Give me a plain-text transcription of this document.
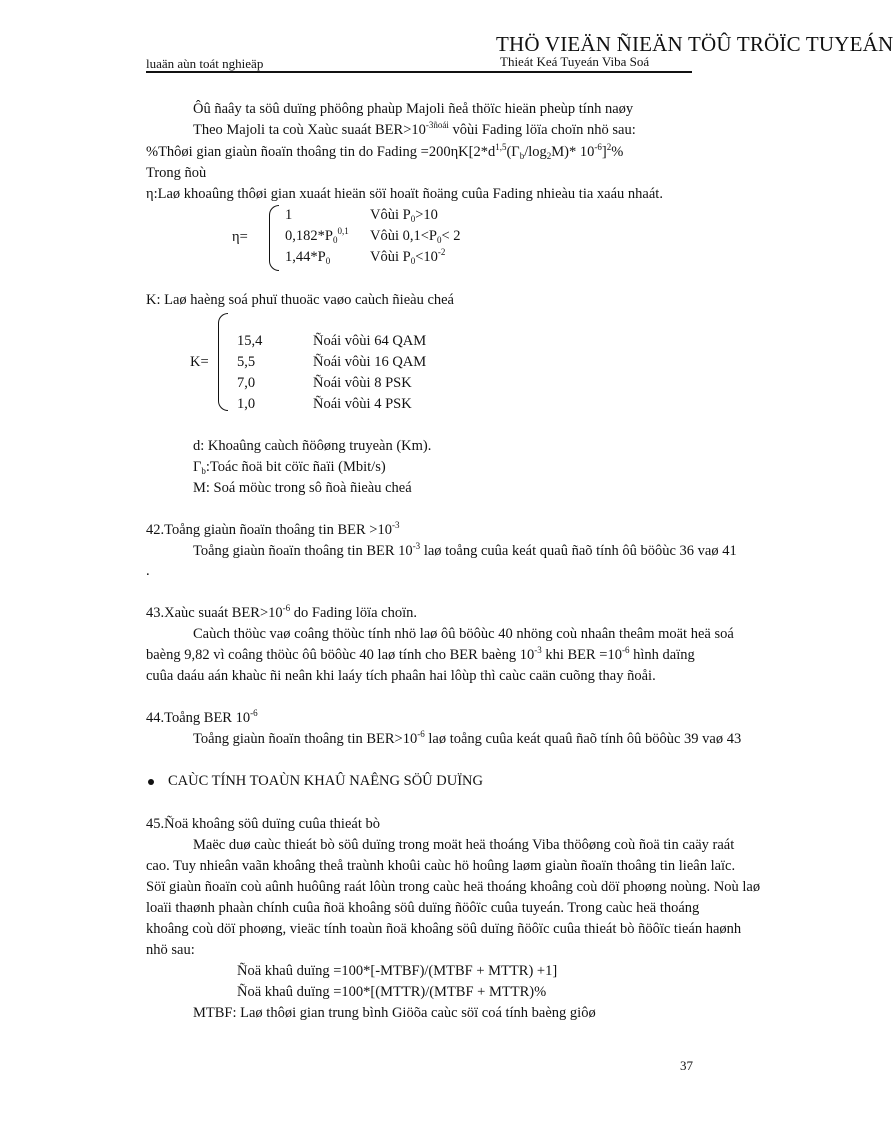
THÖ VIEÄN ÑIEÄN TÖÛ TRÖÏC TUYEÁN
luaän aùn toát nghieäp	Thieát Keá Tuyeán Viba Soá
Ôû ñaây ta söû duïng phöông phaùp Majoli ñeå thöïc hieän pheùp tính naøy
Theo Majoli ta coù Xaùc suaát $BER>10^{-3ñoái}$ vôùi Fading löïa choïn nhö sau:
%Thôøi gian giaùn ñoaïn thoâng tin do Fading $=200\eta K[2*d^{1,5}(\Gamma_b/\log_2M)*$ $10^{-6}]^2\%$
Trong ñoù
η:Laø khoaûng thôøi gian xuaát hieän söï hoaït ñoäng cuûa Fading nhieàu tia xaáu nhaát.
η=
1	Vôùi $P_0>10$
$0,182*P_0^{0,1}$ Vôùi $0,1<P_0< 2$
$1,44*P_0$	Vôùi $P_0<10^{-2}$
K: Laø haèng soá phuï thuoäc vaøo caùch ñieàu cheá
K=
15,4	Ñoái vôùi 64 QAM
5,5	Ñoái vôùi 16 QAM
7,0	Ñoái vôùi 8 PSK
1,0	Ñoái vôùi 4 PSK
d: Khoaûng caùch ñöôøng truyeàn (Km).
$\Gamma_b:Toác$ ñoä bit cöïc ñaïi (Mbit/s)
M: Soá möùc trong sô ñoà ñieàu cheá
42.Toång giaùn ñoaïn thoâng tin BER $>10^{-3}$
Toång giaùn ñoaïn thoâng tin BER $10^{-3}$ laø toång cuûa keát quaû ñaõ tính ôû böôùc 36 vaø 41
.
43.Xaùc suaát $BER>10^{-6}$ do Fading löïa choïn.
Caùch thöùc vaø coâng thöùc tính nhö laø ôû böôùc 40 nhöng coù nhaân theâm moät heä soá
baèng 9,82 vì coâng thöùc ôû böôùc 40 laø tính cho BER baèng $10^{-3}$ khi BER $=10^{-6}$ hình daïng
cuûa daáu aán khaùc ñi neân khi laáy tích phaân hai lôùp thì caùc caän cuõng thay ñoåi.
44.Toång BER $10^{-6}$
Toång giaùn ñoaïn thoâng tin $BER>10^{-6}$ laø toång cuûa keát quaû ñaõ tính ôû böôùc 39 vaø 43
CAÙC TÍNH TOAÙN KHAÛ NAÊNG SÖÛ DUÏNG
45.Ñoä khoâng söû duïng cuûa thieát bò
Maëc duø caùc thieát bò söû duïng trong moät heä thoáng Viba thöôøng coù ñoä tin caäy raát
cao. Tuy nhieân vaãn khoâng theå traùnh khoûi caùc hö hoûng laøm giaùn ñoaïn thoâng tin lieân laïc.
Söï giaùn ñoaïn coù aûnh huôûng raát lôùn trong caùc heä thoáng khoâng coù döï phoøng noùng. Noù laø
loaïi thaønh phaàn chính cuûa ñoä khoâng söû duïng ñöôïc cuûa tuyeán. Trong caùc heä thoáng
khoâng coù döï phoøng, vieäc tính toaùn ñoä khoâng söû duïng ñöôïc cuûa thieát bò ñöôïc tieán haønh
nhö sau:
Ñoä khaû duïng =100*[-MTBF)/(MTBF + MTTR) +1]
Ñoä khaû duïng =100*[(MTTR)/(MTBF + MTTR)%
MTBF: Laø thôøi gian trung bình Giöõa caùc söï coá tính baèng giôø
37
